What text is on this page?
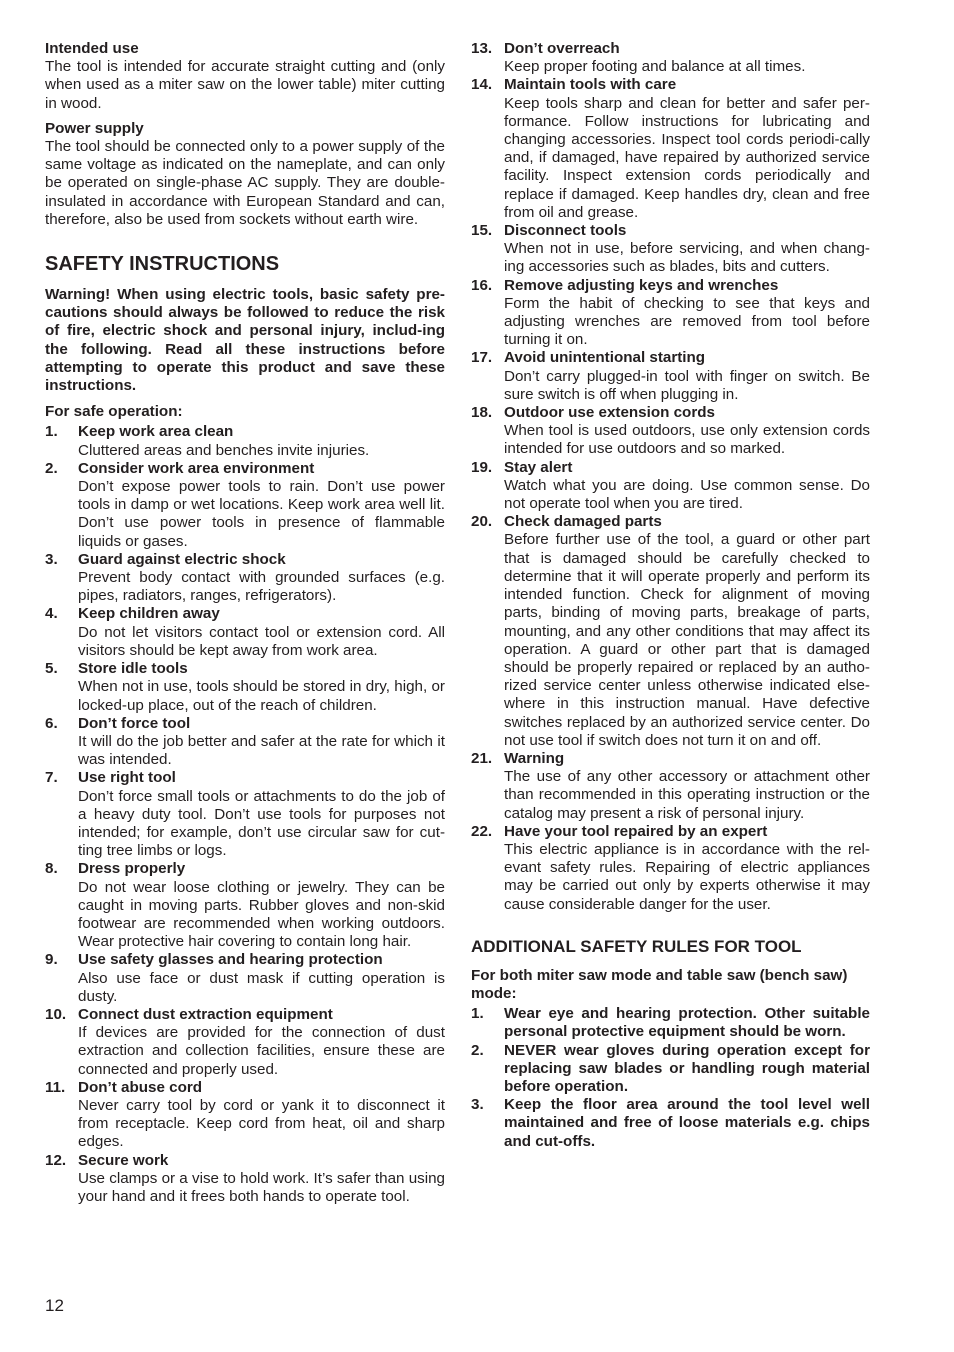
Intended use

The tool is intended for accurate straight cutting and (only when used as a miter saw on the lower table) miter cutting in wood.

Power supply

The tool should be connected only to a power supply of the same voltage as indicated on the nameplate, and can only be operated on single-phase AC supply. They are double-insulated in accordance with European Standard and can, therefore, also be used from sockets without earth wire.

SAFETY INSTRUCTIONS

Warning! When using electric tools, basic safety pre-cautions should always be followed to reduce the risk of fire, electric shock and personal injury, includ-ing the following. Read all these instructions before attempting to operate this product and save these instructions.

For safe operation:
1. Keep work area clean
Cluttered areas and benches invite injuries.
2. Consider work area environment
Don’t expose power tools to rain. Don’t use power tools in damp or wet locations. Keep work area well lit. Don’t use power tools in presence of flammable liquids or gases.
3. Guard against electric shock
Prevent body contact with grounded surfaces (e.g. pipes, radiators, ranges, refrigerators).
4. Keep children away
Do not let visitors contact tool or extension cord. All visitors should be kept away from work area.
5. Store idle tools
When not in use, tools should be stored in dry, high, or locked-up place, out of the reach of children.
6. Don’t force tool
It will do the job better and safer at the rate for which it was intended.
7. Use right tool
Don’t force small tools or attachments to do the job of a heavy duty tool. Don’t use tools for purposes not intended; for example, don’t use circular saw for cut-ting tree limbs or logs.
8. Dress properly
Do not wear loose clothing or jewelry. They can be caught in moving parts. Rubber gloves and non-skid footwear are recommended when working outdoors. Wear protective hair covering to contain long hair.
9. Use safety glasses and hearing protection
Also use face or dust mask if cutting operation is dusty.
10. Connect dust extraction equipment
If devices are provided for the connection of dust extraction and collection facilities, ensure these are connected and properly used.
11. Don’t abuse cord
Never carry tool by cord or yank it to disconnect it from receptacle. Keep cord from heat, oil and sharp edges.
12. Secure work
Use clamps or a vise to hold work. It’s safer than using your hand and it frees both hands to operate tool.
13. Don’t overreach
Keep proper footing and balance at all times.
14. Maintain tools with care
Keep tools sharp and clean for better and safer per-formance. Follow instructions for lubricating and changing accessories. Inspect tool cords periodi-cally and, if damaged, have repaired by authorized service facility. Inspect extension cords periodically and replace if damaged. Keep handles dry, clean and free from oil and grease.
15. Disconnect tools
When not in use, before servicing, and when chang-ing accessories such as blades, bits and cutters.
16. Remove adjusting keys and wrenches
Form the habit of checking to see that keys and adjusting wrenches are removed from tool before turning it on.
17. Avoid unintentional starting
Don’t carry plugged-in tool with finger on switch. Be sure switch is off when plugging in.
18. Outdoor use extension cords
When tool is used outdoors, use only extension cords intended for use outdoors and so marked.
19. Stay alert
Watch what you are doing. Use common sense. Do not operate tool when you are tired.
20. Check damaged parts
Before further use of the tool, a guard or other part that is damaged should be carefully checked to determine that it will operate properly and perform its intended function. Check for alignment of moving parts, binding of moving parts, breakage of parts, mounting, and any other conditions that may affect its operation. A guard or other part that is damaged should be properly repaired or replaced by an autho-rized service center unless otherwise indicated else-where in this instruction manual. Have defective switches replaced by an authorized service center. Do not use tool if switch does not turn it on and off.
21. Warning
The use of any other accessory or attachment other than recommended in this operating instruction or the catalog may present a risk of personal injury.
22. Have your tool repaired by an expert
This electric appliance is in accordance with the rel-evant safety rules. Repairing of electric appliances may be carried out only by experts otherwise it may cause considerable danger for the user.
ADDITIONAL SAFETY RULES FOR TOOL
For both miter saw mode and table saw (bench saw) mode:
1. Wear eye and hearing protection. Other suitable personal protective equipment should be worn.
2. NEVER wear gloves during operation except for replacing saw blades or handling rough material before operation.
3. Keep the floor area around the tool level well maintained and free of loose materials e.g. chips and cut-offs.
12
